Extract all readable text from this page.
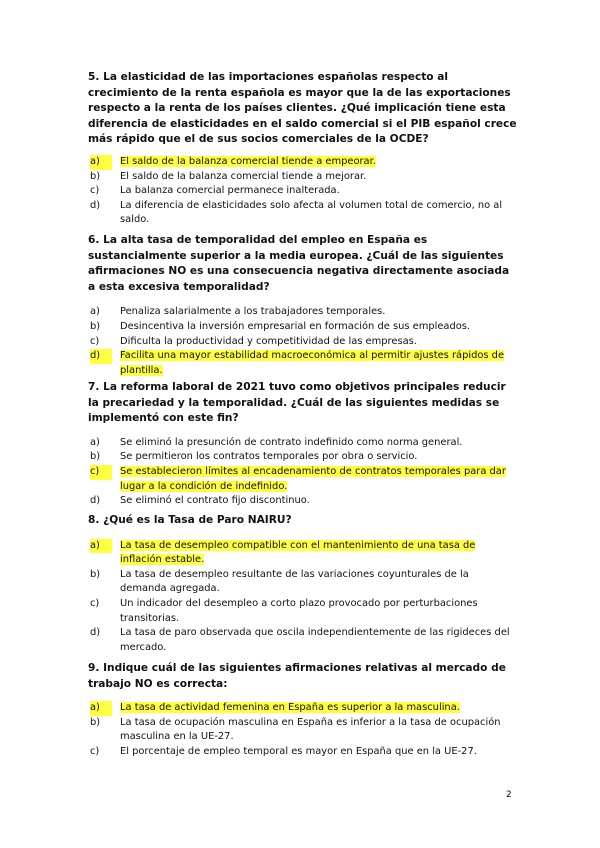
5. La elasticidad de las importaciones españolas respecto al crecimiento de la renta española es mayor que la de las exportaciones respecto a la renta de los países clientes. ¿Qué implicación tiene esta diferencia de elasticidades en el saldo comercial si el PIB español crece más rápido que el de sus socios comerciales de la OCDE?

a)	El saldo de la balanza comercial tiende a empeorar.
b)	El saldo de la balanza comercial tiende a mejorar.
c)	La balanza comercial permanece inalterada.
d)	La diferencia de elasticidades solo afecta al volumen total de comercio, no al saldo.

6. La alta tasa de temporalidad del empleo en España es sustancialmente superior a la media europea. ¿Cuál de las siguientes afirmaciones NO es una consecuencia negativa directamente asociada a esta excesiva temporalidad?

a)	Penaliza salarialmente a los trabajadores temporales.
b)	Desincentiva la inversión empresarial en formación de sus empleados.
c)	Dificulta la productividad y competitividad de las empresas.
d)	Facilita una mayor estabilidad macroeconómica al permitir ajustes rápidos de plantilla.

7. La reforma laboral de 2021 tuvo como objetivos principales reducir la precariedad y la temporalidad. ¿Cuál de las siguientes medidas se implementó con este fin?

a)	Se eliminó la presunción de contrato indefinido como norma general.
b)	Se permitieron los contratos temporales por obra o servicio.
c)	Se establecieron límites al encadenamiento de contratos temporales para dar lugar a la condición de indefinido.
d)	Se eliminó el contrato fijo discontinuo.

8. ¿Qué es la Tasa de Paro NAIRU?

a)	La tasa de desempleo compatible con el mantenimiento de una tasa de inflación estable.
b)	La tasa de desempleo resultante de las variaciones coyunturales de la demanda agregada.
c)	Un indicador del desempleo a corto plazo provocado por perturbaciones transitorias.
d)	La tasa de paro observada que oscila independientemente de las rigideces del mercado.

9. Indique cuál de las siguientes afirmaciones relativas al mercado de trabajo NO es correcta:

a)	La tasa de actividad femenina en España es superior a la masculina.
b)	La tasa de ocupación masculina en España es inferior a la tasa de ocupación masculina en la UE-27.
c)	El porcentaje de empleo temporal es mayor en España que en la UE-27.
2
